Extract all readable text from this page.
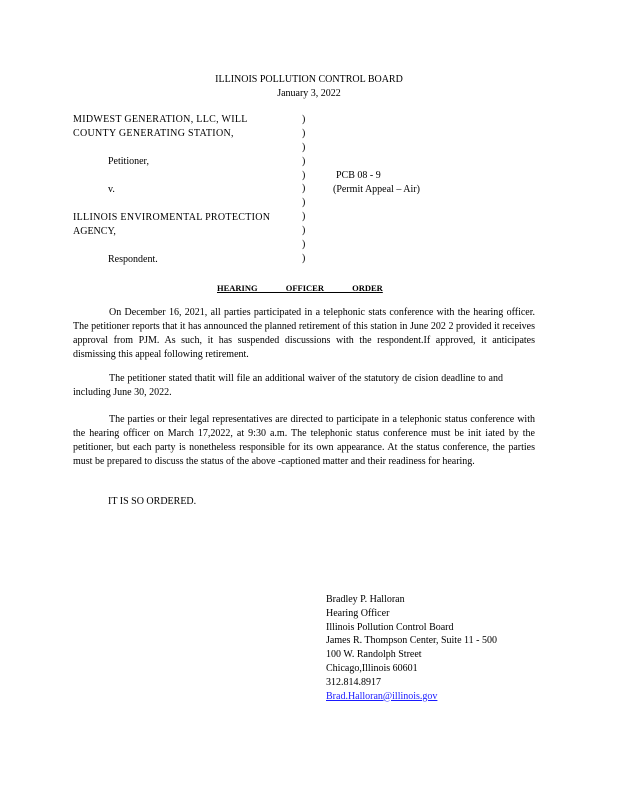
ILLINOIS POLLUTION CONTROL BOARD
January 3, 2022
MIDWEST GENERATION, LLC, WILL
COUNTY GENERATING STATION,
Petitioner,
v.
ILLINOIS ENVIROMENTAL PROTECTION
AGENCY,
Respondent.
)
)
)
)
)
)
)
)
)
)
)
PCB 08 - 9
(Permit Appeal – Air)
HEARING OFFICER ORDER
On December 16, 2021, all parties participated in a telephonic stats conference with the hearing officer. The petitioner reports that it has announced the planned retirement of this station in June 202 2 provided it receives approval from PJM. As such, it has suspended discussions with the respondent.If approved, it anticipates dismissing this appeal following retirement.
The petitioner stated thatit will file an additional waiver of the statutory de cision deadline to and including June 30, 2022.
The parties or their legal representatives are directed to participate in a telephonic status conference with the hearing officer on March 17,2022, at 9:30 a.m. The telephonic status conference must be init iated by the petitioner, but each party is nonetheless responsible for its own appearance. At the status conference, the parties must be prepared to discuss the status of the above -captioned matter and their readiness for hearing.
IT IS SO ORDERED.
Bradley P. Halloran
Hearing Officer
Illinois Pollution Control Board
James R. Thompson Center, Suite 11 - 500
100 W. Randolph Street
Chicago,Illinois 60601
312.814.8917
Brad.Halloran@illinois.gov
